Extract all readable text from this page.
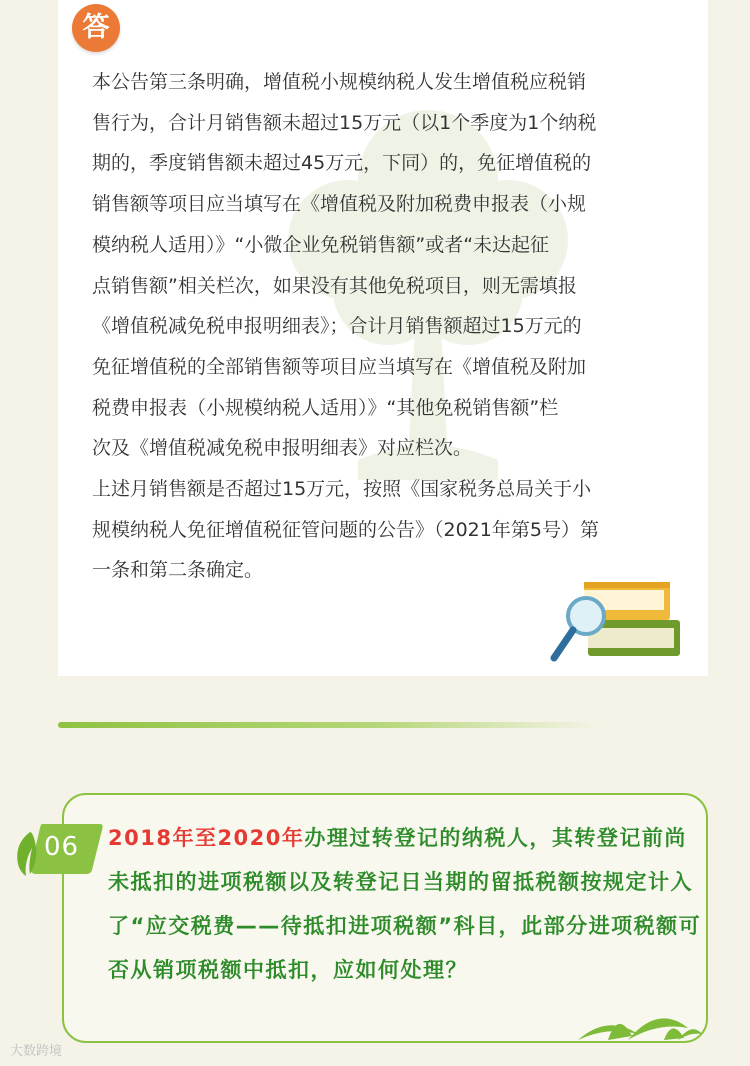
答

本公告第三条明确，增值税小规模纳税人发生增值税应税销

售行为，合计月销售额未超过15万元（以1个季度为1个纳税

期的，季度销售额未超过45万元，下同）的，免征增值税的

销售额等项目应当填写在《增值税及附加税费申报表（小规

模纳税人适用）》“小微企业免税销售额”或者“未达起征

点销售额”相关栏次，如果没有其他免税项目，则无需填报

《增值税减免税申报明细表》；合计月销售额超过15万元的

免征增值税的全部销售额等项目应当填写在《增值税及附加

税费申报表（小规模纳税人适用）》“其他免税销售额”栏

次及《增值税减免税申报明细表》对应栏次。

上述月销售额是否超过15万元，按照《国家税务总局关于小

规模纳税人免征增值税征管问题的公告》（2021年第5号）第

一条和第二条确定。

06 2018年至2020年办理过转登记的纳税人，其转登记前尚未抵扣的进项税额以及转登记日当期的留抵税额按规定计入了“应交税费——待抵扣进项税额”科目，此部分进项税额可否从销项税额中抵扣，应如何处理？
大数跨境
